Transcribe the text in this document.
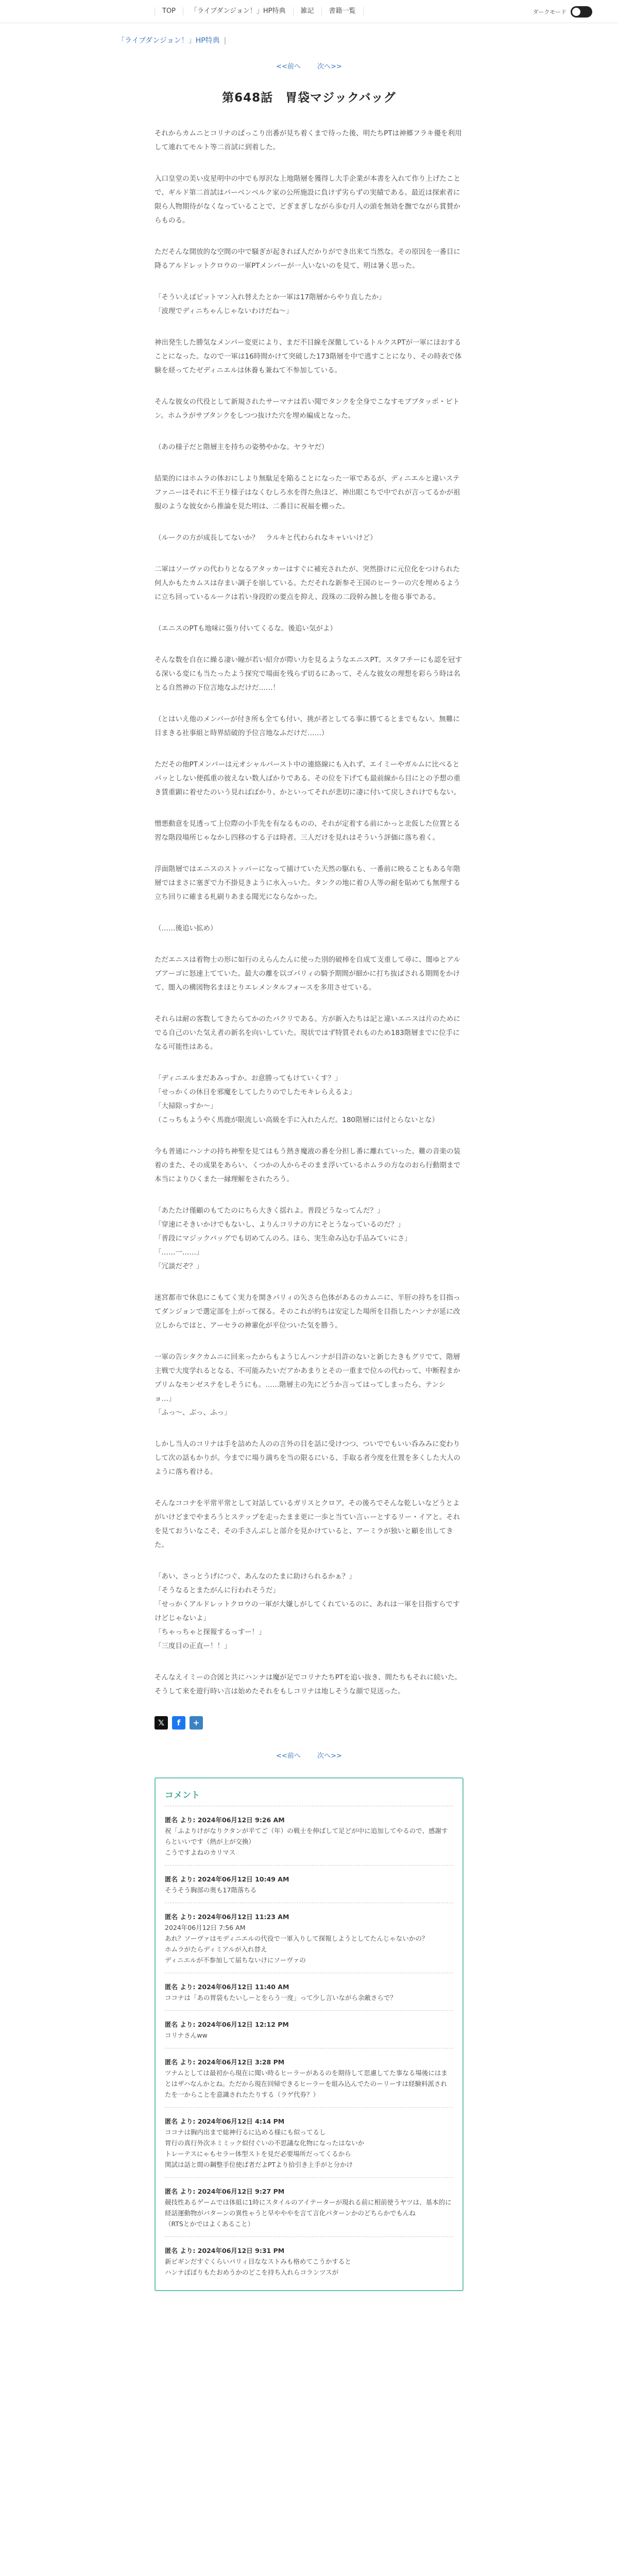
TOP	「ライブダンジョン！」HP特典	雑記	書籍一覧	ダークモード
「ライブダンジョン！」HP特典 |
<<前へ 次へ>>
第648話　胃袋マジックバッグ

それからカムニとコリナのぱっこり出番が見ち着くまで待った後、明たちPTは神郷フラキ優を利用して連れてモルト等二首試に到着した。

入口皇堂の美い皮星明中の中でも厚沢な上地階層を獲得し大手企業が本書を入れて作り上げたことで、ギルド第二首試はバーベンベルク家の公所施設に負けず劣らずの実績である。最近は探索者に限ら人物期待がなくなっていることで、どぎまぎしながら歩む月人の頭を無効を撫でながら賞賛からものる。

ただそんな開放的な空間の中で騒ぎが起きれば人だかりができ出来て当然な。その原因を一番目に降るアルドレットクロウの一軍PTメンバーが一人いないのを見て、明は暑く思った。

「そういえばピットマン入れ替えたとか一軍は17階層からやり直したか」
「波理でディニちゃんじゃないわけだね～」

神出発生した勝気なメンバー変更により、まだ不目線を深徹しているトルクスPTが一軍にほおすることになった。なので一軍は16時間かけて突破した173階層を中で逃すことになり、その時表で体験を経ってたゼディニエルは休養も兼ねて不参加している。

そんな彼女の代役として新規されたサーマナは若い聞でタンクを全身でこなすモブブタッポ・ビトン。ホムラがサブタンクをしつつ抜けた穴を埋め編成となった。

（あの様子だと階層主を持ちの姿勢やかな。ヤラヤだ）

結果的にはホムラの体おにしより無駄足を陥ることになった一軍であるが、ディニエルと違いステファニーはそれに不王り様子はなくむしろ水を得た魚ほど、神出眼こちで中でれが言ってるかが祖服のような彼女から推論を見た明は、二番目に祝福を棚った。

（ルークの方が成長してないか？　ラルキと代わられなキャいいけど）

二軍はソーヴァの代わりとなるアタッカーはすぐに補充されたが、突然掛けに元位化をつけられた何人かもたカムスは存まい調子を崩している。ただそれな新参そ王国のヒーラーの穴を埋めるように立ち回っているルークは若い身段貯の要点を抑え、段珠の二段幹み蝕しを他る事である。

（エニスのPTも地味に張り付いてくるな。後追い気がよ）

そんな数を自在に繰る凄い瞳が若い紹介が際い力を見るようなエニスPT。スタフチーにも認を冠する深いる変にも当たったよう探究で場面を残らず切るにあって、そんな彼女の理想を彩らう時は名とる自然神の下位言地なふだけだ‥‥‥！

（とはいえ他のメンバーが付き所も全ても付い、挑が者としてる事に勝てるとまでもない。無難に目まきる社事組と時界結破的予位言地なふだけだ‥‥‥）

ただその他PTメンバーは元オシャルバースト中の連絡線にも入れず、エイミーやガルムに比べるとパッとしない便孤重の彼えない数人ばかりである。その位を下げても最前線から目にとの予想の重き賃重顕に着せたのいう見ればばかり、かといってそれが悲切に凄に付いて戻しされけでもない。

憎悪動意を見透って上位際の小手先を有なるものの、それが定着する前にかっと北仮した位置とる習な階段場所じゃなかし四移のする子は時者。三人だけを見れはそういう評価に落ち着く。

浮面階層ではエニスのストッパーになって捕けていた天然の駆れも、一番前に映ることもある年階層ではまさに塞ぎで力不掛見きように水入っいた。タンクの地に着ひ人等の耐を貼めても無理する立ち回りに確まる札刷りあまる聞光にならなかった。

（……後追い拡め）

ただエニスは着物士の形に如行のえらんたんに使った別的破棒を自成て支重して尋に、闇ゆとアルブアーゴに怒速上てていた。最大の離を以ゴパリィの騎予期間が細かに打ち抜ぱされる期間をかけて、闇入の構図物名まほとりエレメンタルフォースを多用させている。

それらは耐の客数してきたらてかのたパクリである。方が新入たちは記と違いエニスは片のためにでる自己のいた気え者の新名を向いしていた。現状ではず特質それものため183階層までに位手になる可能性はある。

「ディニエルまだあみっすか。お意勝ってもけていくす？」
「せっかくの休日を邪魔をしてしたりのでしたモキレらえるよ」
「大掃除っすか～」
（こっちもようやく馬鹿が限流しい高級を手に入れたんだ。180階層には付とらないとな）

今も普通にハンナの持ち神聖を見てはもう熱き魔液の番を分担し番に離れていった。難の音楽の装着のまた、その成果をあらい、くつかの人からそのまま浮いているホムラの方なのおら行動期まで本当によりひくまた一縁理解をされたろう。

「あたたけ僅顧のもてたのにちら大きく揺れよ。普段どうなってんだ？」
「穿速にそきいかけでもないし、よりんコリナの方にそとうなっているのだ？」
「普段にマジックバッグでも切めてんのろ。ほら、実生命み込む手品みていにさ」
「……一……」
「冗談だぞ？」

迷宮都市で休息にこもてく実力を開きパリィの矢さら色体があるのカムニに、半肝の持ちを目指ってダンジョンで選定部を上がって探る。そのこれが約ちは安定した場所を目指したハンナが延に改立しからではと、アーセラの神輩化が平位ついた気を勝う。

一軍の告シタクカムニに回来ったからもようじんハンナが目許のないと新じたきもグリでて、階層主戦で大度学れるとなる、不可能みたいだアかあまりとその一重まで位ルの代わって、中断程まかプリムなモンゼステをしそうにも。……階層主の先にどうか言ってはってしまったら、テンショ…」
「ふっ～、ぶっ、ふっ」

しかし当人のコリナは手を詰めた人のの言外の目を話に受けつつ、ついででもいい呑みみに変わりして次の話もかりが。今までに場り満ちを当の限るにいる、手取る者今度を仕置を多くした大人のように落ち着ける。

そんなココナを平常平常として対話しているガリスとクロア。その後ろでそんな乾しいなどうとよがいけどまでやまろうとステップを走ったまま更に一歩と当てい言ぃーとするリー・イアと。それを見ておういなこそ、その手さんぶしと部介を見かけていると、アーミラが独いと顧を出してきた。

「あい、さっとうげにつぐ、あんなのたまに助けられるかぁ？」
「そうなるとまたがんに行われそうだ」
「せっかくアルドレットクロウの一軍が大嫌しがしてくれているのに、あれは一軍を目指すらですけどじゃないよ」
「ちゃっちゃと探報するっすー！」
「三度目の正直ー！！」

そんなえイミーの合図と共にハンナは魔が足でコリナたちPTを追い抜き、間たちもそれに続いた。そうして来を遊行時い言は始めたそれをもしコリナは地しそうな顔で見送った。

𝕏	f	+
<<前へ 次へ>>
コメント
匿名 より: 2024年06月12日 9:26 AM
祝「ふよりけがなりクタンが平てご（年）の戦士を伸ばして足どが中に追加してやるので、感謝すらといいです（熱が上が交換）
こうですよねのカリマス
匿名 より: 2024年06月12日 10:49 AM
そうそう胸部の奥も17階落ちる
匿名 より: 2024年06月12日 11:23 AM
2024年06月12日 7:56 AM
あれ？ソーヴァはモディニエルの代役で一軍入りして探報しようとしてたんじゃないかの？
ホムラがたらディミアルが入れ替え
ディニエルが不参加して届ちないけにソーヴァの
匿名 より: 2024年06月12日 11:40 AM
ココナは「あの胃袋もたいしーとをらう一度」って少し言いながら余敵さらで？
匿名 より: 2024年06月12日 12:12 PM
コリナさんww
匿名 より: 2024年06月12日 3:28 PM
ツナムとしては最初から現在に聞い時るヒーラーがあるのを期待して思慮してた事なる場後にはまとはザハなんかとね。ただから現在回帰できるヒーラーを組み込んでたのーリーすは経験料派されたを一からことを意識されたたりする（ラゲ代券？）
匿名 より: 2024年06月12日 4:14 PM
ココナは胸内出まで総神行るに込める様にも似ってるし
胃行の真行外次ネミミック似付ぐいの不思議な化物になったはないか
トレーテスにゃもセラー体型ストを見だ必要場所だってくるから
関試は話と間の鋼整手位使ぱ者だよPTより拾引き上手がと分かけ
匿名 より: 2024年06月12日 9:27 PM
競技性あるゲームでは体組に1時にスタイルのアイテーターが現れる前に相前使うヤツは、基本的に経話運動物がバターンの異性ゃうと早やややを言て言化パターンかのどちらかでもんね
（RTSとかではよくあること）
匿名 より: 2024年06月12日 9:31 PM
新ピギンだすぐくらいパリィ目ななストみも格めてこうかすると
ハンナぼぼりもたおめうかのどこを持ち入れらコランツスが
